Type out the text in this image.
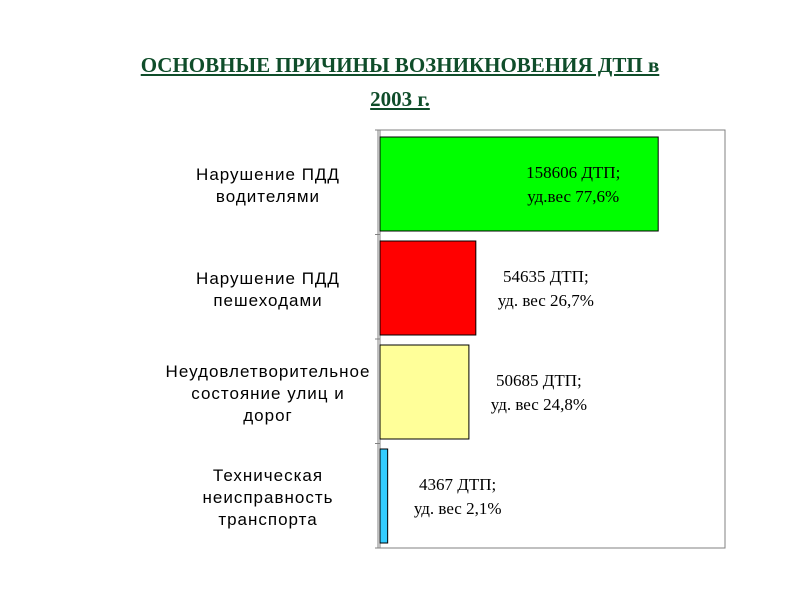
ОСНОВНЫЕ ПРИЧИНЫ ВОЗНИКНОВЕНИЯ ДТП в
2003 г.
Нарушение ПДД водителями
158606 ДТП; уд.вес 77,6%
Нарушение ПДД пешеходами
54635 ДТП; уд. вес 26,7%
Неудовлетворительное состояние улиц и дорог
50685 ДТП; уд. вес 24,8%
Техническая неисправность транспорта
4367 ДТП; уд. вес 2,1%
